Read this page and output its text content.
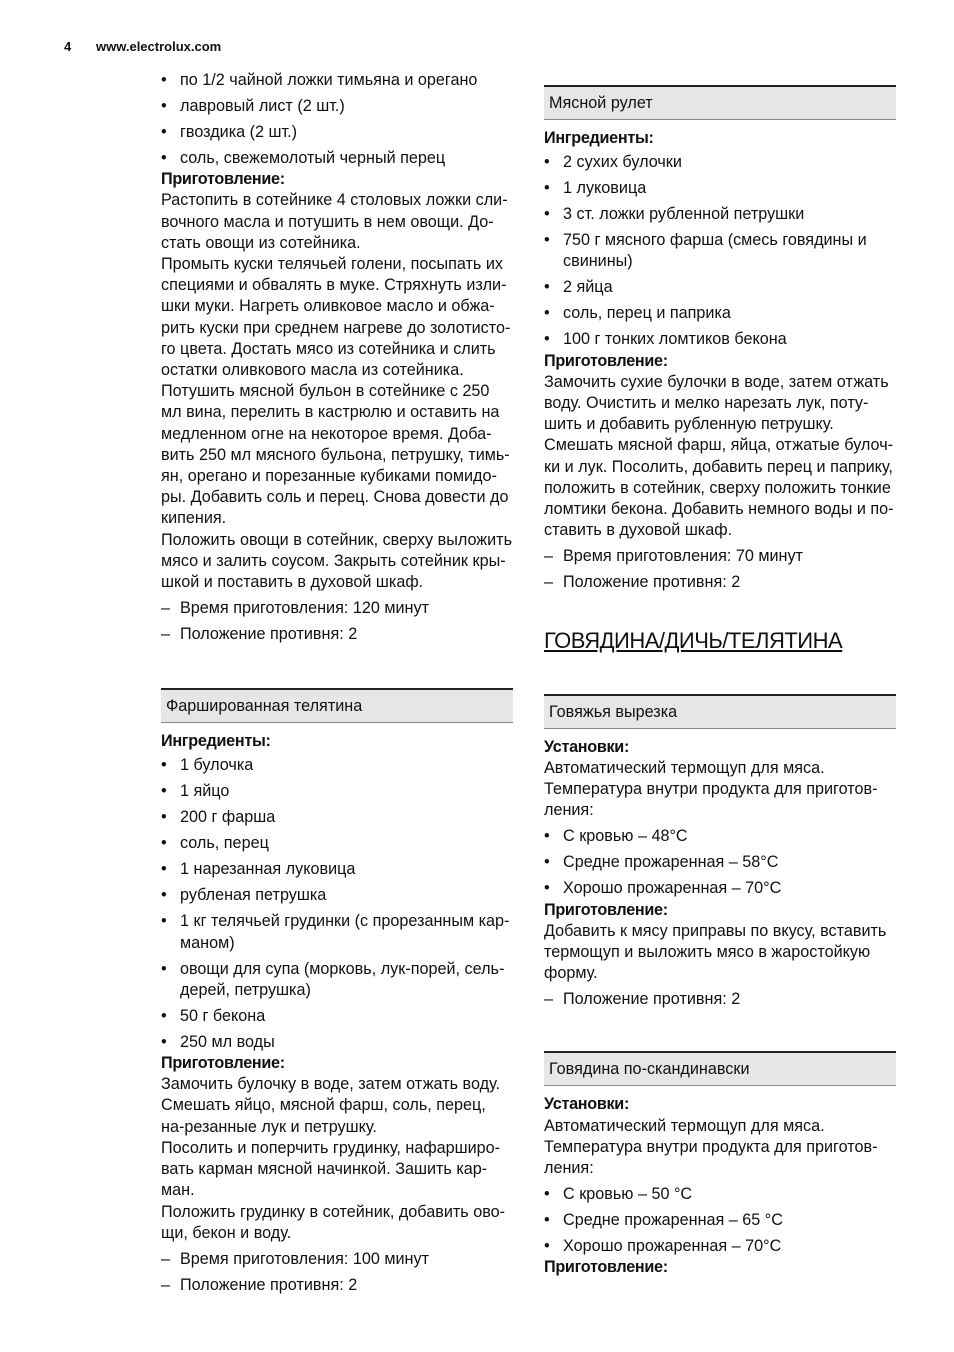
4 www.electrolux.com
• по 1/2 чайной ложки тимьяна и орегано
• лавровый лист (2 шт.)
• гвоздика (2 шт.)
• соль, свежемолотый черный перец
Приготовление:

Растопить в сотейнике 4 столовых ложки сли-вочного масла и потушить в нем овощи. До-стать овощи из сотейника.

Промыть куски телячьей голени, посыпать их специями и обвалять в муке. Стряхнуть изли-шки муки. Нагреть оливковое масло и обжа-рить куски при среднем нагреве до золотисто-го цвета. Достать мясо из сотейника и слить остатки оливкового масла из сотейника.

Потушить мясной бульон в сотейнике с 250 мл вина, перелить в кастрюлю и оставить на медленном огне на некоторое время. Доба-вить 250 мл мясного бульона, петрушку, тимь-ян, орегано и порезанные кубиками помидо-ры. Добавить соль и перец. Снова довести до кипения.

Положить овощи в сотейник, сверху выложить мясо и залить соусом. Закрыть сотейник кры-шкой и поставить в духовой шкаф.

– Время приготовления: 120 минут
– Положение противня: 2
Фаршированная телятина
Ингредиенты:
• 1 булочка
• 1 яйцо
• 200 г фарша
• соль, перец
• 1 нарезанная луковица
• рубленая петрушка
• 1 кг телячьей грудинки (с прорезанным кар-маном)
• овощи для супа (морковь, лук-порей, сель-дерей, петрушка)
• 50 г бекона
• 250 мл воды
Приготовление:

Замочить булочку в воде, затем отжать воду. Смешать яйцо, мясной фарш, соль, перец, на-резанные лук и петрушку.

Посолить и поперчить грудинку, нафарширо-вать карман мясной начинкой. Зашить кар-ман.

Положить грудинку в сотейник, добавить ово-щи, бекон и воду.

– Время приготовления: 100 минут
– Положение противня: 2
Мясной рулет
Ингредиенты:
• 2 сухих булочки
• 1 луковица
• 3 ст. ложки рубленной петрушки
• 750 г мясного фарша (смесь говядины и свинины)
• 2 яйца
• соль, перец и паприка
• 100 г тонких ломтиков бекона
Приготовление:

Замочить сухие булочки в воде, затем отжать воду. Очистить и мелко нарезать лук, поту-шить и добавить рубленную петрушку.

Смешать мясной фарш, яйца, отжатые булоч-ки и лук. Посолить, добавить перец и паприку, положить в сотейник, сверху положить тонкие ломтики бекона. Добавить немного воды и по-ставить в духовой шкаф.

– Время приготовления: 70 минут
– Положение противня: 2
ГОВЯДИНА/ДИЧЬ/ТЕЛЯТИНА
Говяжья вырезка
Установки:

Автоматический термощуп для мяса.

Температура внутри продукта для приготов-ления:

• С кровью – 48°C
• Средне прожаренная – 58°C
• Хорошо прожаренная – 70°C
Приготовление:

Добавить к мясу приправы по вкусу, вставить термощуп и выложить мясо в жаростойкую форму.

– Положение противня: 2
Говядина по-скандинавски
Установки:

Автоматический термощуп для мяса.

Температура внутри продукта для приготов-ления:

• С кровью – 50 °C
• Средне прожаренная – 65 °C
• Хорошо прожаренная – 70°C
Приготовление:
